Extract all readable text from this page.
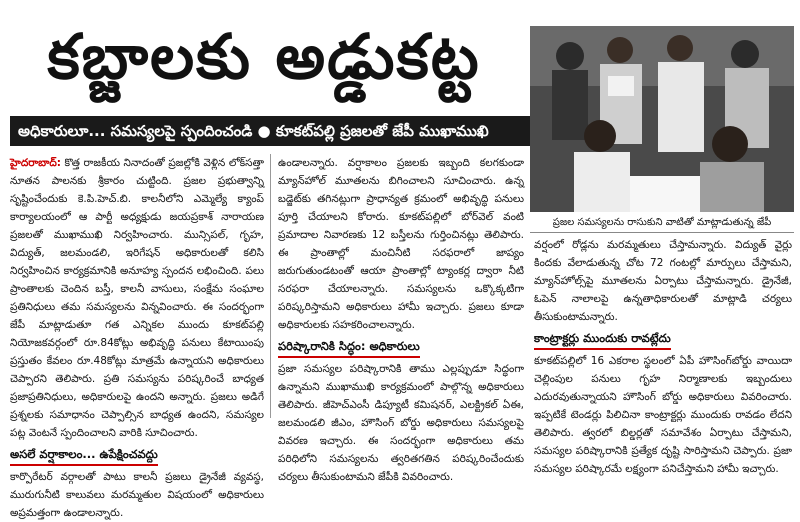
కబ్జాలకు అడ్డుకట్ట
అధికారులూ... సమస్యలపై స్పందించండి ● కూకట్‌పల్లి ప్రజలతో జేపీ ముఖాముఖి
ప్రజల సమస్యలను రాసుకుని వాటితో మాట్లాడుతున్న జేపీ

హైదరాబాద్: కొత్త రాజకీయ నినాదంతో ప్రజల్లోకి వెళ్లిన లోక్‌సత్తా నూతన పాలనకు శ్రీకారం చుట్టింది. ప్రజల ప్రభుత్వాన్ని సృష్టించేందుకు కె.పి.హెచ్.బి. కాలనీలోని ఎమ్మెల్యే క్యాంప్ కార్యాలయంలో ఆ పార్టీ అధ్యక్షుడు జయప్రకాశ్ నారాయణ ప్రజలతో ముఖాముఖి నిర్వహించారు. మున్సిపల్, గృహ, విద్యుత్, జలమండలి, ఇరిగేషన్ అధికారులతో కలిసి నిర్వహించిన కార్యక్రమానికి అనూహ్య స్పందన లభించింది. పలు ప్రాంతాలకు చెందిన బస్తీ, కాలనీ వాసులు, సంక్షేమ సంఘాల ప్రతినిధులు తమ సమస్యలను విన్నవించారు. ఈ సందర్భంగా జేపీ మాట్లాడుతూ గత ఎన్నికల ముందు కూకట్‌పల్లి నియోజకవర్గంలో రూ.84కోట్లు అభివృద్ధి పనులు కేటాయింపు ప్రస్తుతం కేవలం రూ.48కోట్లు మాత్రమే ఉన్నాయని అధికారులు చెప్పారని తెలిపారు. ప్రతి సమస్యను పరిష్కరించే బాధ్యత ప్రజాప్రతినిధులు, అధికారులపై ఉందని అన్నారు. ప్రజలు అడిగే ప్రశ్నలకు సమాధానం చెప్పాల్సిన బాధ్యత ఉందని, సమస్యల పట్ల వెంటనే స్పందించాలని వారికి సూచించారు.

అసలే వర్షాకాలం... ఉపేక్షించవద్దు

కార్పొరేటర్ వర్గాలతో పాటు కాలనీ ప్రజలు డ్రైనేజీ వ్యవస్థ, మురుగునీటి కాలువలు మరమ్మతుల విషయంలో అధికారులు అప్రమత్తంగా ఉండాలన్నారు.

ఉండాలన్నారు. వర్షాకాలం ప్రజలకు ఇబ్బంది కలగకుండా మ్యాన్‌హోల్ మూతలను బిగించాలని సూచించారు. ఉన్న బడ్జెట్‌కు తగినట్లుగా ప్రాధాన్యత క్రమంలో అభివృద్ధి పనులు పూర్తి చేయాలని కోరారు. కూకట్‌పల్లిలో బోర్‌వెల్ వంటి ప్రమాదాల నివారణకు 12 బస్తీలను గుర్తించినట్లు తెలిపారు. ఈ ప్రాంతాల్లో మంచినీటి సరఫరాలో జాప్యం జరుగుతుండటంతో ఆయా ప్రాంతాల్లో ట్యాంకర్ల ద్వారా నీటి సరఫరా చేయాలన్నారు. సమస్యలను ఒక్కొక్కటిగా పరిష్కరిస్తామని అధికారులు హామీ ఇచ్చారు. ప్రజలు కూడా అధికారులకు సహకరించాలన్నారు.

పరిష్కారానికి సిద్ధం: అధికారులు

ప్రజా సమస్యల పరిష్కారానికి తాము ఎల్లప్పుడూ సిద్ధంగా ఉన్నామని ముఖాముఖి కార్యక్రమంలో పాల్గొన్న అధికారులు తెలిపారు. జీహెచ్ఎంసీ డిప్యూటీ కమిషనర్, ఎలక్ట్రికల్ ఏఈ, జలమండలి జీఎం, హౌసింగ్ బోర్డు అధికారులు సమస్యలపై వివరణ ఇచ్చారు. ఈ సందర్భంగా అధికారులు తమ పరిధిలోని సమస్యలను త్వరితగతిన పరిష్కరించేందుకు చర్యలు తీసుకుంటామని జేపీకి వివరించారు.

వర్షంలో రోడ్లను మరమ్మతులు చేస్తామన్నారు. విద్యుత్ వైర్లు కిందకు వేలాడుతున్న చోట 72 గంటల్లో మార్పులు చేస్తామని, మ్యాన్‌హోల్స్‌పై మూతలను ఏర్పాటు చేస్తామన్నారు. డ్రైనేజీ, ఓపెన్ నాలాలపై ఉన్నతాధికారులతో మాట్లాడి చర్యలు తీసుకుంటామన్నారు.

కాంట్రాక్టర్లు ముందుకు రావట్లేదు

కూకట్‌పల్లిలో 16 ఎకరాల స్థలంలో ఏపీ హౌసింగ్‌బోర్డు వాయిదా చెల్లింపుల పనులు గృహ నిర్మాణాలకు ఇబ్బందులు ఎదురవుతున్నాయని హౌసింగ్ బోర్డు అధికారులు వివరించారు. ఇప్పటికే టెండర్లు పిలిచినా కాంట్రాక్టర్లు ముందుకు రావడం లేదని తెలిపారు. త్వరలో బిల్డర్లతో సమావేశం ఏర్పాటు చేస్తామని, సమస్యల పరిష్కారానికి ప్రత్యేక దృష్టి సారిస్తామని చెప్పారు. ప్రజా సమస్యల పరిష్కారమే లక్ష్యంగా పనిచేస్తామని హామీ ఇచ్చారు.
